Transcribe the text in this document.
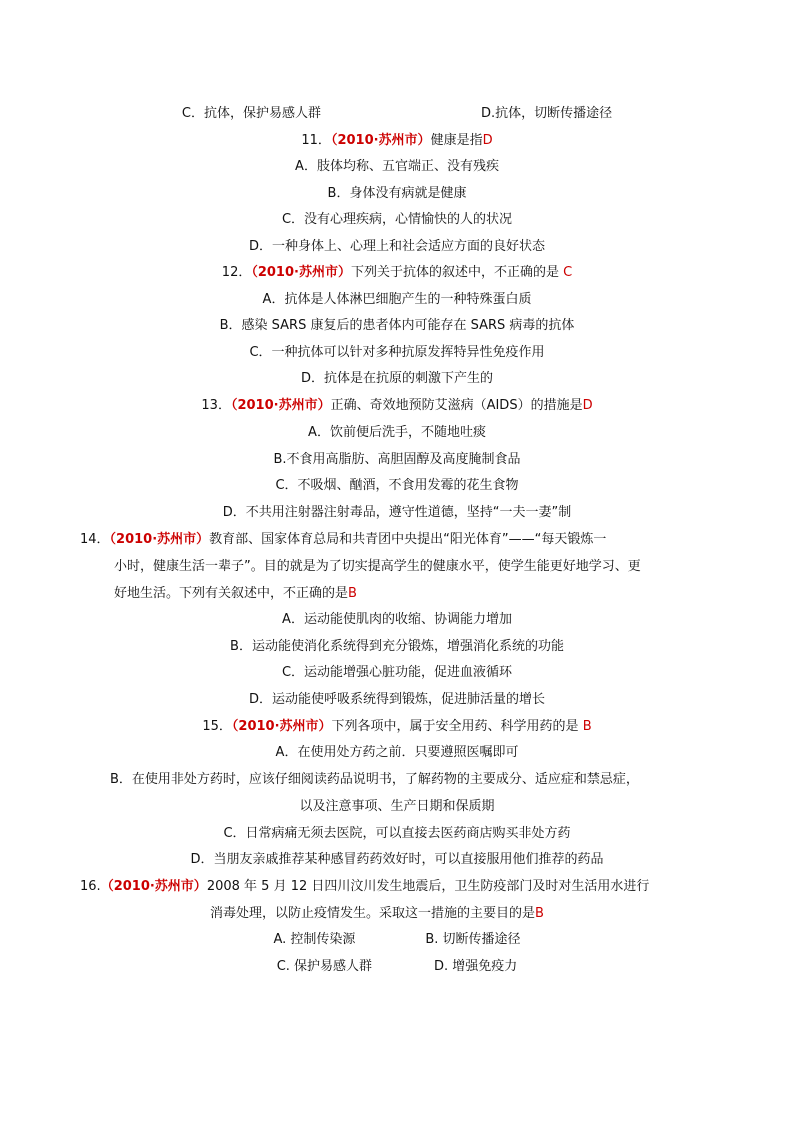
C．抗体，保护易感人群	D.抗体，切断传播途径
11．（2010·苏州市）健康是指D
A．肢体均称、五官端正、没有残疾
B．身体没有病就是健康
C．没有心理疾病，心情愉快的人的状况
D．一种身体上、心理上和社会适应方面的良好状态
12．（2010·苏州市）下列关于抗体的叙述中，不正确的是 C
A．抗体是人体淋巴细胞产生的一种特殊蛋白质
B．感染 SARS 康复后的患者体内可能存在 SARS 病毒的抗体
C．一种抗体可以针对多种抗原发挥特异性免疫作用
D．抗体是在抗原的刺激下产生的
13．（2010·苏州市）正确、奇效地预防艾滋病（AIDS）的措施是D
A．饮前便后洗手，不随地吐痰
B.不食用高脂肪、高胆固醇及高度腌制食品
C．不吸烟、酗酒，不食用发霉的花生食物
D．不共用注射器注射毒品，遵守性道德，坚持“一夫一妻”制
14．（2010·苏州市）教育部、国家体育总局和共青团中央提出“阳光体育”——“每天锻炼一
小时，健康生活一辈子”。目的就是为了切实提高学生的健康水平，使学生能更好地学习、更
好地生活。下列有关叙述中，不正确的是B
A．运动能使肌肉的收缩、协调能力增加
B．运动能使消化系统得到充分锻炼，增强消化系统的功能
C．运动能增强心脏功能，促进血液循环
D．运动能使呼吸系统得到锻炼，促进肺活量的增长
15．（2010·苏州市）下列各项中，属于安全用药、科学用药的是 B
A．在使用处方药之前．只要遵照医嘱即可
B．在使用非处方药时，应该仔细阅读药品说明书，了解药物的主要成分、适应症和禁忌症，
以及注意事项、生产日期和保质期
C．日常病痛无须去医院，可以直接去医药商店购买非处方药
D．当朋友亲戚推荐某种感冒药药效好时，可以直接服用他们推荐的药品
16.（2010·苏州市）2008 年 5 月 12 日四川汶川发生地震后，卫生防疫部门及时对生活用水进行
消毒处理，以防止疫情发生。采取这一措施的主要目的是B
A. 控制传染源	B. 切断传播途径
C. 保护易感人群	D. 增强免疫力
